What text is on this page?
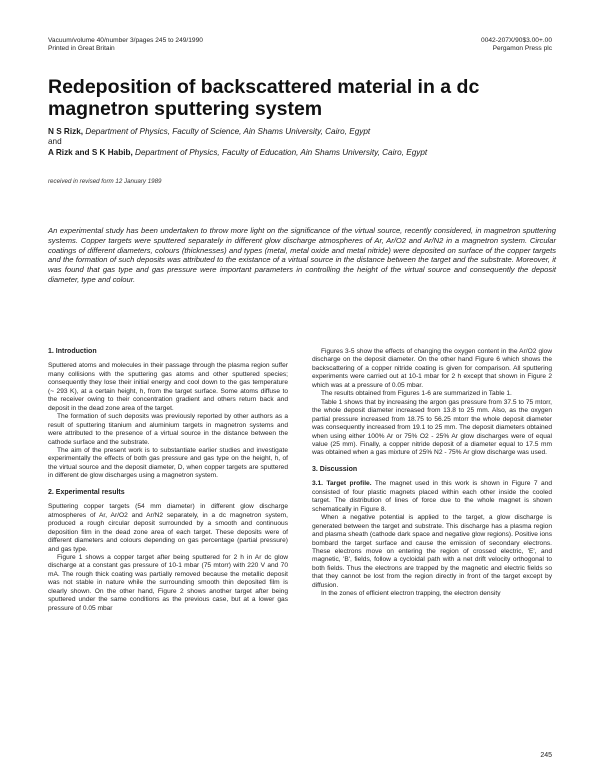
Vacuum/volume 40/number 3/pages 245 to 249/1990
Printed in Great Britain
0042-207X/90$3.00+.00
Pergamon Press plc
Redeposition of backscattered material in a dc magnetron sputtering system
N S Rizk, Department of Physics, Faculty of Science, Ain Shams University, Cairo, Egypt
and
A Rizk and S K Habib, Department of Physics, Faculty of Education, Ain Shams University, Cairo, Egypt
received in revised form 12 January 1989

An experimental study has been undertaken to throw more light on the significance of the virtual source, recently considered, in magnetron sputtering systems. Copper targets were sputtered separately in different glow discharge atmospheres of Ar, Ar/O2 and Ar/N2 in a magnetron system. Circular coatings of different diameters, colours (thicknesses) and types (metal, metal oxide and metal nitride) were deposited on surface of the copper targets and the formation of such deposits was attributed to the existance of a virtual source in the distance between the target and the substrate. Moreover, it was found that gas type and gas pressure were important parameters in controlling the height of the virtual source and consequently the deposit diameter, type and colour.

1. Introduction

Sputtered atoms and molecules in their passage through the plasma region suffer many collisions with the sputtering gas atoms and other sputtered species; consequently they lose their initial energy and cool down to the gas temperature (~ 293 K), at a certain height, h, from the target surface. Some atoms diffuse to the receiver owing to their concentration gradient and others return back and deposit in the dead zone area of the target.

The formation of such deposits was previously reported by other authors as a result of sputtering titanium and aluminium targets in magnetron systems and were attributed to the presence of a virtual source in the distance between the cathode surface and the substrate.

The aim of the present work is to substantiate earlier studies and investigate experimentally the effects of both gas pressure and gas type on the height, h, of the virtual source and the deposit diameter, D, when copper targets are sputtered in different de glow discharges using a magnetron system.

2. Experimental results

Sputtering copper targets (54 mm diameter) in different glow discharge atmospheres of Ar, Ar/O2 and Ar/N2 separately, in a dc magnetron system, produced a rough circular deposit surrounded by a smooth and continuous deposition film in the dead zone area of each target. These deposits were of different diameters and colours depending on gas percentage (partial pressure) and gas type.

Figure 1 shows a copper target after being sputtered for 2 h in Ar dc glow discharge at a constant gas pressure of 10-1 mbar (75 mtorr) with 220 V and 70 mA. The rough thick coating was partially removed because the metallic deposit was not stable in nature while the surrounding smooth thin deposited film is clearly shown. On the other hand, Figure 2 shows another target after being sputtered under the same conditions as the previous case, but at a lower gas pressure of 0.05 mbar

Figures 3-5 show the effects of changing the oxygen content in the Ar/O2 glow discharge on the deposit diameter. On the other hand Figure 6 which shows the backscattering of a copper nitride coating is given for comparison. All sputtering experiments were carried out at 10-1 mbar for 2 h except that shown in Figure 2 which was at a pressure of 0.05 mbar.

The results obtained from Figures 1-6 are summarized in Table 1.

Table 1 shows that by increasing the argon gas pressure from 37.5 to 75 mtorr, the whole deposit diameter increased from 13.8 to 25 mm. Also, as the oxygen partial pressure increased from 18.75 to 56.25 mtorr the whole deposit diameter was consequently increased from 19.1 to 25 mm. The deposit diameters obtained when using either 100% Ar or 75% O2 - 25% Ar glow discharges were of equal value (25 mm). Finally, a copper nitride deposit of a diameter equal to 17.5 mm was obtained when a gas mixture of 25% N2 - 75% Ar glow discharge was used.

3. Discussion

3.1. Target profile. The magnet used in this work is shown in Figure 7 and consisted of four plastic magnets placed within each other inside the cooled target. The distribution of lines of force due to the whole magnet is shown schematically in Figure 8.

When a negative potential is applied to the target, a glow discharge is generated between the target and substrate. This discharge has a plasma region and plasma sheath (cathode dark space and negative glow regions). Positive ions bombard the target surface and cause the emission of secondary electrons. These electrons move on entering the region of crossed electric, 'E', and magnetic, 'B', fields, follow a cycloidal path with a net drift velocity orthogonal to both fields. Thus the electrons are trapped by the magnetic and electric fields so that they cannot be lost from the region directly in front of the target except by diffusion.

In the zones of efficient electron trapping, the electron density

245
